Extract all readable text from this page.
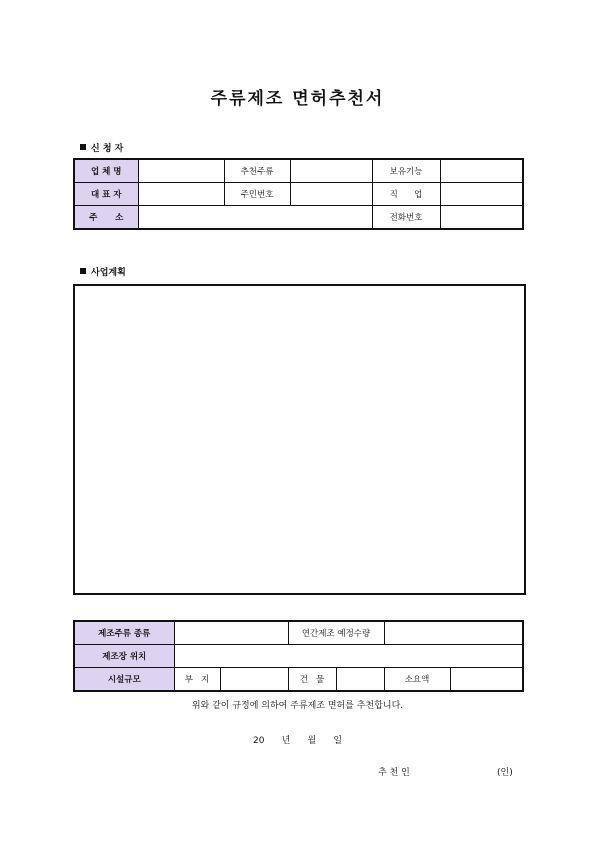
주류제조 면허추천서
신 청 자
업 체 명		추천주류		보유기능	
대 표 자		주민번호		직      업	
주      소				전화번호	
사업계획
제조주류 종류			연간제조 예정수량			
제조장 위치						
시설규모	부   지		건   물		소요액	
위와 같이 규정에 의하여 주류제조 면허를 추천합니다.
20      년      월      일
추 천 인	(인)
